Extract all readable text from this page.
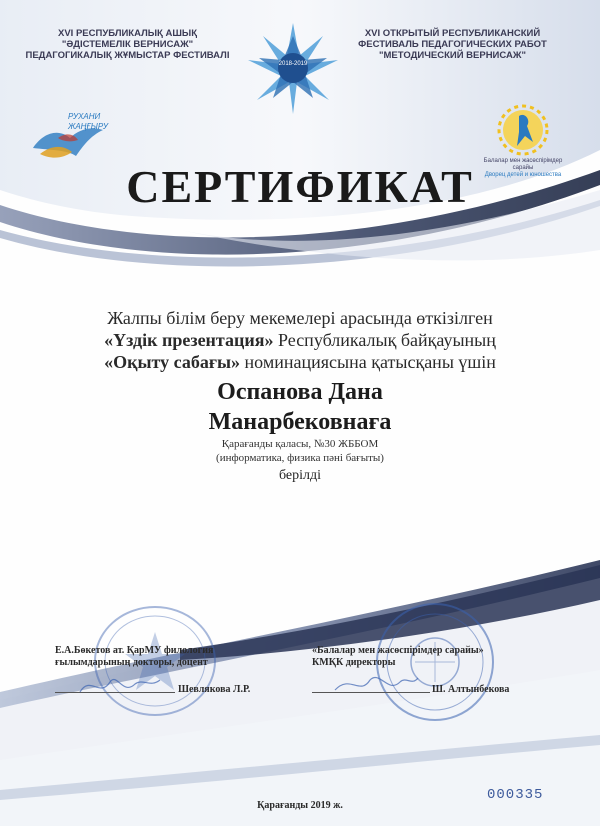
XVI РЕСПУБЛИКАЛЫҚ АШЫҚ
"ӘДІСТЕМЕЛІК ВЕРНИСАЖ"
ПЕДАГОГИКАЛЫҚ ЖҰМЫСТАР ФЕСТИВАЛІ
XVI ОТКРЫТЫЙ РЕСПУБЛИКАНСКИЙ
ФЕСТИВАЛЬ ПЕДАГОГИЧЕСКИХ РАБОТ
"МЕТОДИЧЕСКИЙ ВЕРНИСАЖ"
2018-2019
РУХАНИ
ЖАҢҒЫРУ
Балалар мен жасөспірімдер сарайы
Дворец детей и юношества
СЕРТИФИКАТ
Жалпы білім беру мекемелері арасында өткізілген
«Үздік презентация» Республикалық байқауының
«Оқыту сабағы» номинациясына қатысқаны үшін
Оспанова Дана
Манарбековнаға
Қарағанды қаласы, №30 ЖББОМ
(информатика, физика пәні бағыты)
берілді
Е.А.Бөкетов ат. ҚарМУ филология
ғылымдарының докторы, доцент
Шевлякова Л.Р.
«Балалар мен жасөспірімдер сарайы»
КМҚК директоры
Ш. Алтынбекова
Қарағанды 2019 ж.
000335
